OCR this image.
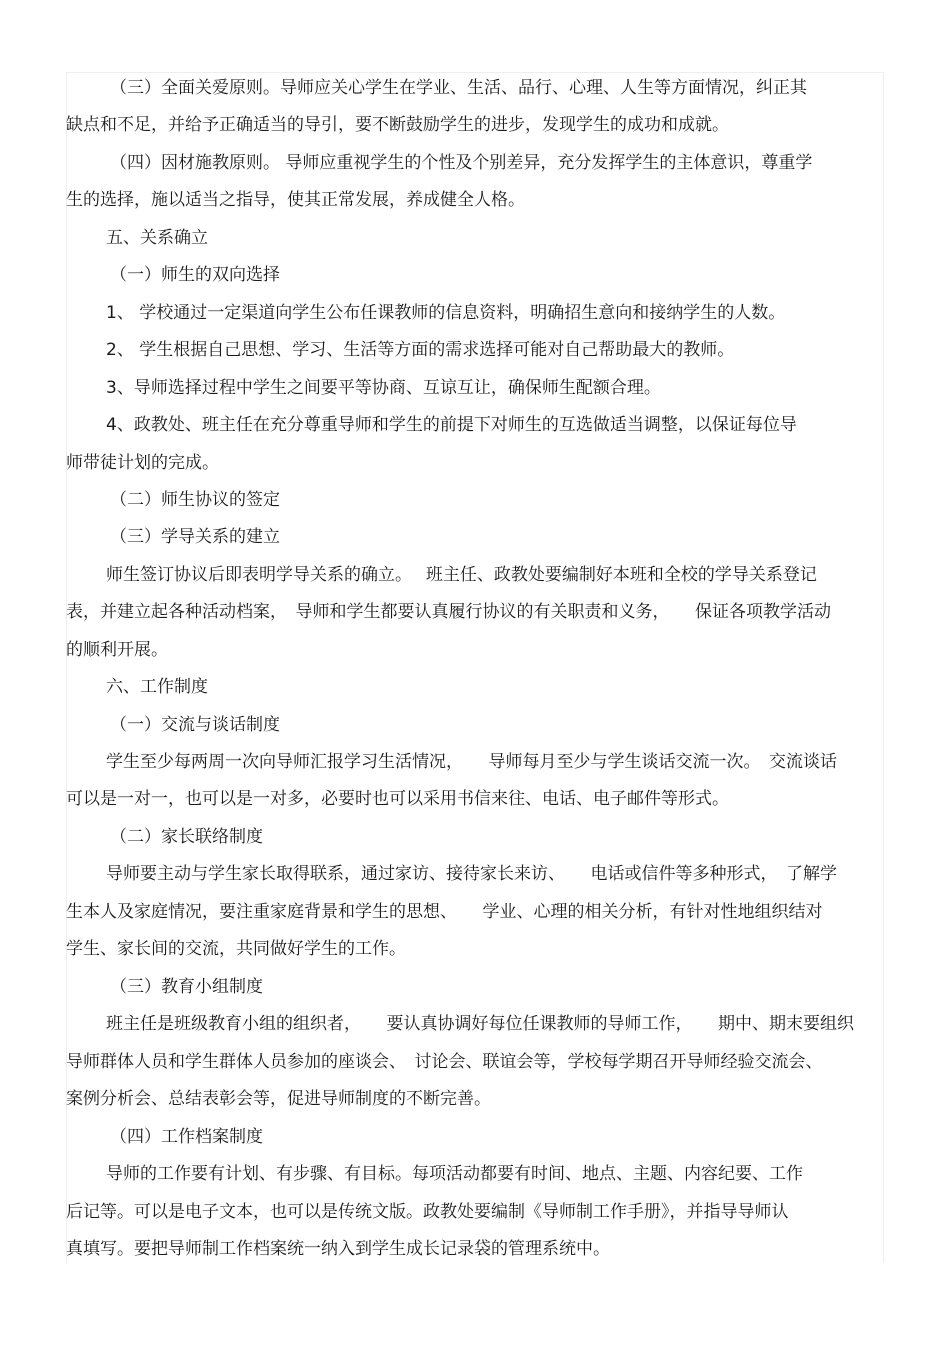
（三）全面关爱原则。导师应关心学生在学业、生活、品行、心理、人生等方面情况，纠正其
缺点和不足，并给予正确适当的导引，要不断鼓励学生的进步，发现学生的成功和成就。
（四）因材施教原则。 导师应重视学生的个性及个别差异，充分发挥学生的主体意识，尊重学
生的选择，施以适当之指导，使其正常发展，养成健全人格。
五、关系确立
（一）师生的双向选择
1、 学校通过一定渠道向学生公布任课教师的信息资料，明确招生意向和接纳学生的人数。
2、 学生根据自己思想、学习、生活等方面的需求选择可能对自己帮助最大的教师。
3、导师选择过程中学生之间要平等协商、互谅互让，确保师生配额合理。
4、政教处、班主任在充分尊重导师和学生的前提下对师生的互选做适当调整，以保证每位导
师带徒计划的完成。
（二）师生协议的签定
（三）学导关系的建立
师生签订协议后即表明学导关系的确立。　 班主任、政教处要编制好本班和全校的学导关系登记
表，并建立起各种活动档案，　导师和学生都要认真履行协议的有关职责和义务，　　保证各项教学活动
的顺利开展。
六、工作制度
（一）交流与谈话制度
学生至少每两周一次向导师汇报学习生活情况，　　导师每月至少与学生谈话交流一次。　交流谈话
可以是一对一，也可以是一对多，必要时也可以采用书信来往、电话、电子邮件等形式。
（二）家长联络制度
导师要主动与学生家长取得联系，通过家访、接待家长来访、　　电话或信件等多种形式，　了解学
生本人及家庭情况，要注重家庭背景和学生的思想、　　学业、心理的相关分析，有针对性地组织结对
学生、家长间的交流，共同做好学生的工作。
（三）教育小组制度
班主任是班级教育小组的组织者，　　要认真协调好每位任课教师的导师工作，　　期中、期末要组织
导师群体人员和学生群体人员参加的座谈会、　讨论会、联谊会等，学校每学期召开导师经验交流会、
案例分析会、总结表彰会等，促进导师制度的不断完善。
（四）工作档案制度
导师的工作要有计划、有步骤、有目标。每项活动都要有时间、地点、主题、内容纪要、工作
后记等。可以是电子文本，也可以是传统文版。政教处要编制《导师制工作手册》，并指导导师认
真填写。要把导师制工作档案统一纳入到学生成长记录袋的管理系统中。
